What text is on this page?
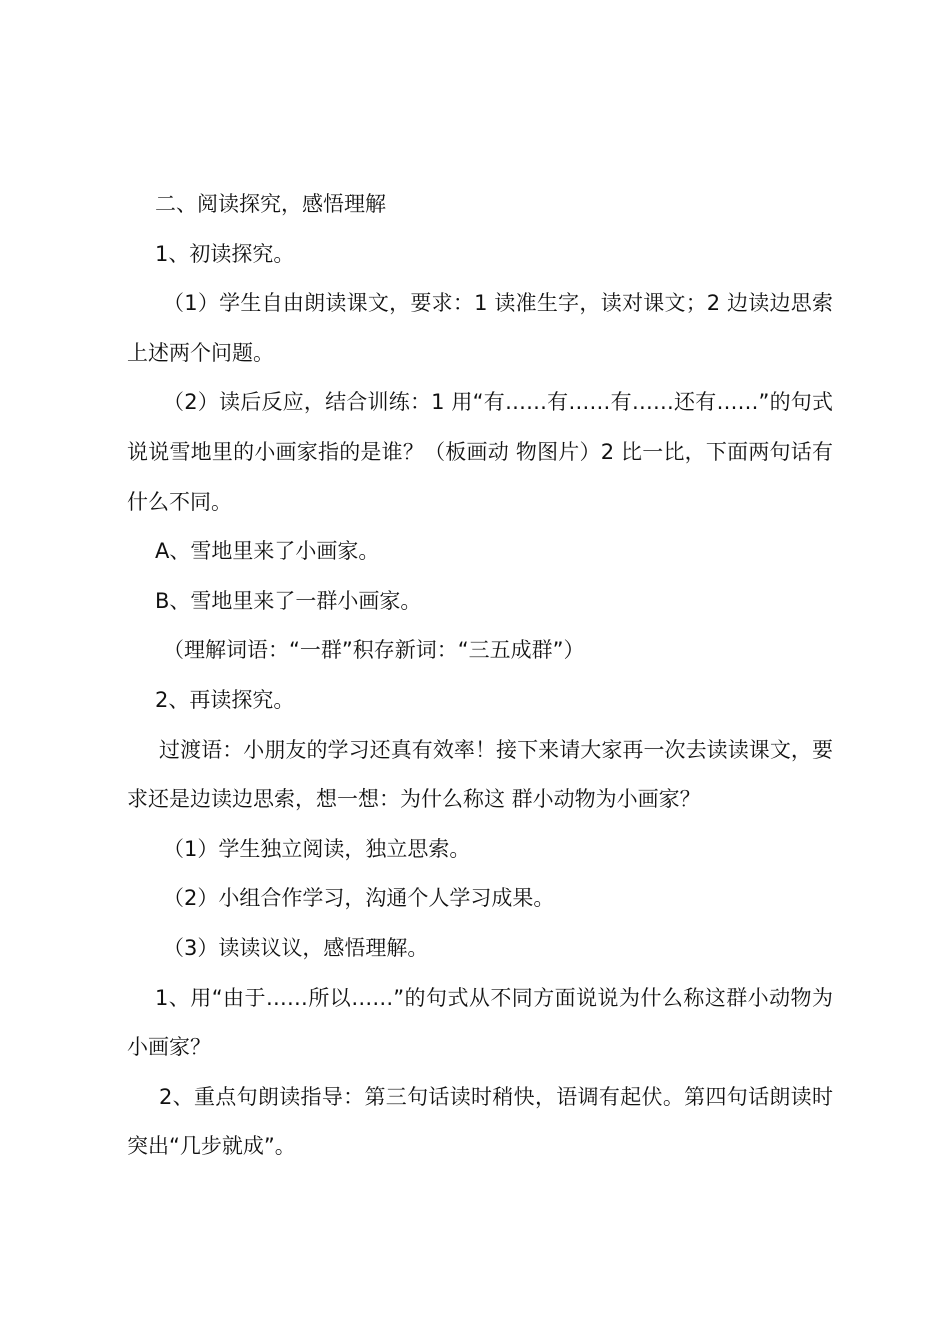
二、阅读探究，感悟理解

1、初读探究。

（1）学生自由朗读课文，要求：1 读准生字，读对课文；2 边读边思索上述两个问题。

（2）读后反应，结合训练：1 用“有……有……有……还有……”的句式说说雪地里的小画家指的是谁？（板画动 物图片）2 比一比，下面两句话有什么不同。

A、雪地里来了小画家。

B、雪地里来了一群小画家。

（理解词语：“一群”积存新词：“三五成群”）

2、再读探究。

过渡语：小朋友的学习还真有效率！接下来请大家再一次去读读课文，要求还是边读边思索，想一想：为什么称这 群小动物为小画家？

（1）学生独立阅读，独立思索。

（2）小组合作学习，沟通个人学习成果。

（3）读读议议，感悟理解。

1、用“由于……所以……”的句式从不同方面说说为什么称这群小动物为小画家？

2、重点句朗读指导：第三句话读时稍快，语调有起伏。第四句话朗读时突出“几步就成”。
